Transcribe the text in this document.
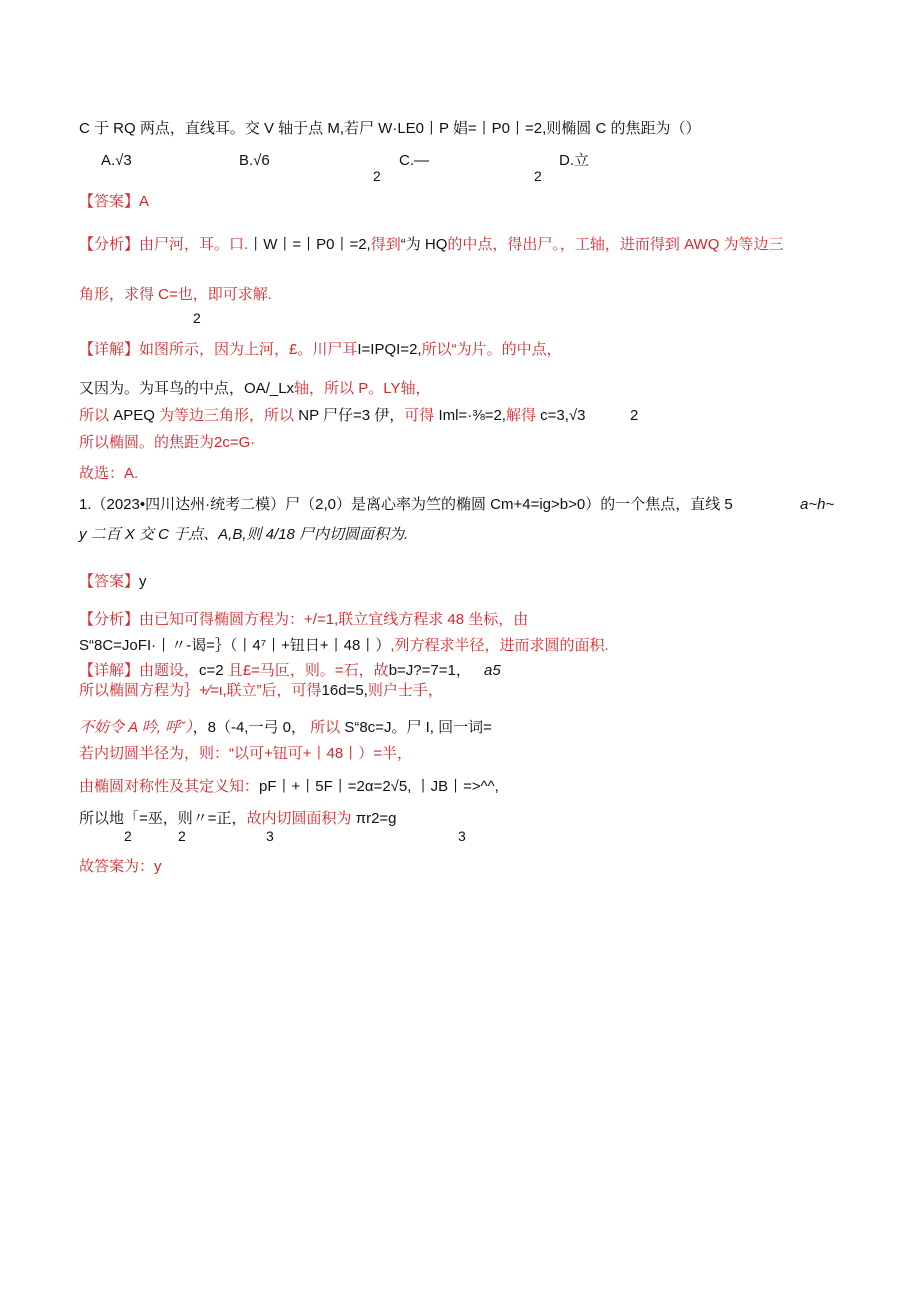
C 于 RQ 两点，直线耳。交 V 轴于点 M,若尸 W·LE0丨P 娼=丨P0丨=2,则椭圆 C 的焦距为（）
A.√3	B.√6	C.—	D.立
2	2
【答案】A
【分析】由尸河，耳。口.丨W丨=丨P0丨=2,得到“为 HQ的中点，得出尸。，工轴，进而得到 AWQ 为等边三
角形，求得 C=也，即可求解.
2
【详解】如图所示，因为上河，£。川尸耳I=IPQI=2,所以“为片。的中点，
又因为。为耳鸟的中点，OA/_Lx轴，所以 P。LY轴，
所以 APEQ 为等边三角形，所以 NP 尸仔=3 伊，可得 Iml=·⅜=2,解得 c=3,√3	2
所以椭圆。的焦距为2c=G·
故选：A.
1.（2023•四川达州·统考二模）尸（2,0）是离心率为竺的椭圆 Cm+4=ig>b>0）的一个焦点，直线 5	a~h~
y 二百 X 交 C 于点、A,B,则 4/18 尸内切圆面积为.
【答案】y
【分析】由已知可得椭圆方程为：+/=1,联立宜线方程求 48 坐标，由
S“8C=JoFI·丨〃-谒=｝（丨4⁷丨+钮日+丨48丨）,列方程求半径，进而求圆的面积.
【详解】由题设，c=2 且£=马叵，则。=石，故b=J?=7=1， a5
所以椭圆方程为｝+∕=ι,联立”后，可得16d=5,则户士手，
不妨令 A 吟, 呼ˇ），8（-4,一弓 0， 所以 S“8c=J。尸 I, 回一词=
若内切圆半径为，则：“以可+钮可+丨48丨）=半，
由椭圆对称性及其定义知：pF丨+丨5F丨=2α=2√5, 丨JB丨=>^^,
所以地「=巫，则〃=正，故内切圆面积为 πr2=g
2	2	3	3
故答案为：y
